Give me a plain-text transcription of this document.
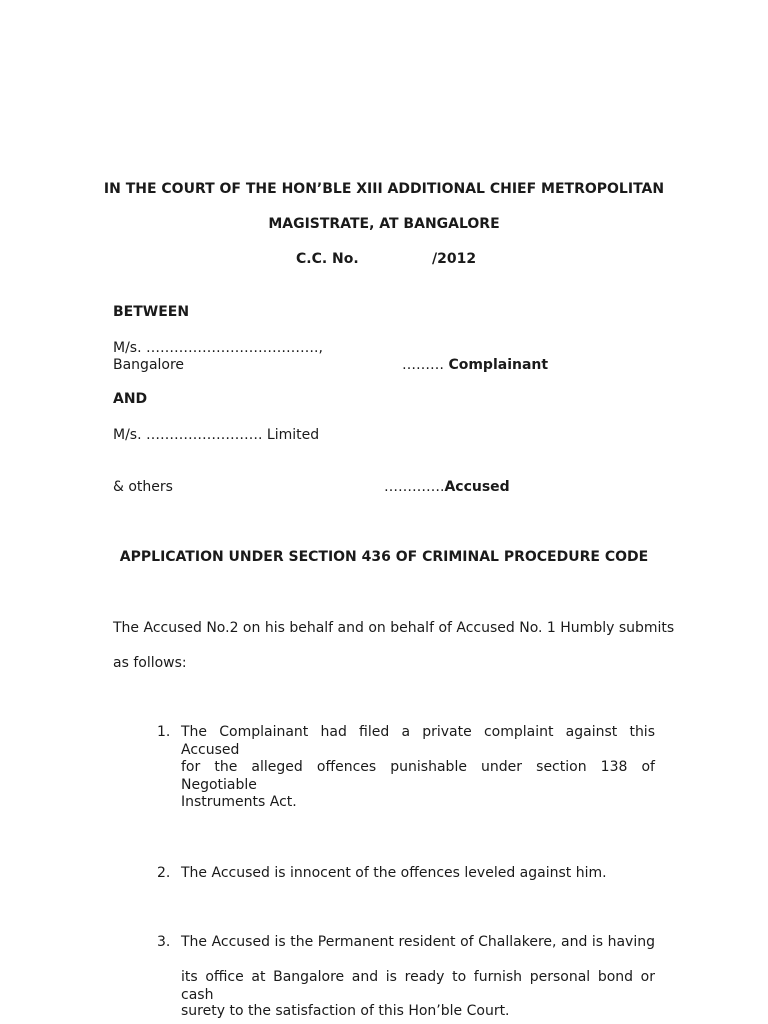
IN THE COURT OF THE HON’BLE XIII ADDITIONAL CHIEF METROPOLITAN
MAGISTRATE, AT BANGALORE
C.C. No.	/2012
BETWEEN
M/s. ……………………………….,
Bangalore	……… Complainant
AND
M/s. ……………………. Limited
& others	………….Accused
APPLICATION UNDER SECTION 436 OF CRIMINAL PROCEDURE CODE
The Accused No.2 on his behalf and on behalf of Accused No. 1 Humbly submits
as follows:
1. The Complainant had filed a private complaint against this Accused
for the alleged offences punishable under section 138 of Negotiable
Instruments Act.
2. The Accused is innocent of the offences leveled against him.
3. The Accused is the Permanent resident of Challakere, and is having
its office at Bangalore and is ready to furnish personal bond or cash
surety to the satisfaction of this Hon’ble Court.
